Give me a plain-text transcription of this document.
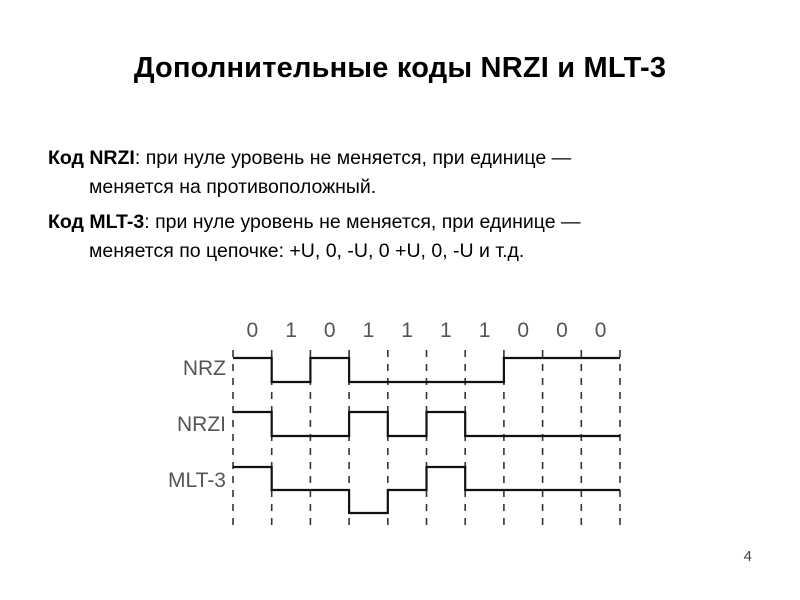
Дополнительные коды NRZI и MLT-3
Код NRZI: при нуле уровень не меняется, при единице —
меняется на противоположный.
Код MLT-3: при нуле уровень не меняется, при единице —
меняется по цепочке: +U, 0, -U, 0 +U, 0, -U и т.д.
0 1 0 1 1 1 1 0 0 0
NRZ
NRZI
MLT-3
4
